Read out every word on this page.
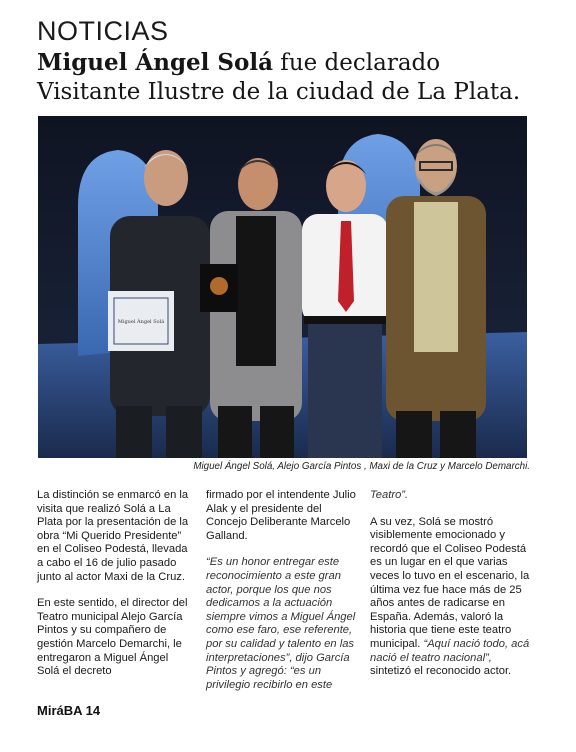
NOTICIAS
Miguel Ángel Solá fue declarado Visitante Ilustre de la ciudad de La Plata.
Miguel Ángel Solá
Miguel Ángel Solá, Alejo García Pintos , Maxi de la Cruz y Marcelo Demarchi.

La distinción se enmarcó en la visita que realizó Solá a La Plata por la presentación de la obra “Mi Querido Presidente” en el Coliseo Podestá, llevada a cabo el 16 de julio pasado junto al actor Maxi de la Cruz.

En este sentido, el director del Teatro municipal Alejo García Pintos y su compañero de gestión Marcelo Demarchi, le entregaron a Miguel Ángel Solá el decreto

firmado por el intendente Julio Alak y el presidente del Concejo Deliberante Marcelo Galland.

“Es un honor entregar este reconocimiento a este gran actor, porque los que nos dedicamos a la actuación siempre vimos a Miguel Ángel como ese faro, ese referente, por su calidad y talento en las interpretaciones”, dijo García Pintos y agregó: “es un privilegio recibirlo en este

Teatro”.

A su vez, Solá se mostró visiblemente emocionado y recordó que el Coliseo Podestá es un lugar en el que varias veces lo tuvo en el escenario, la última vez fue hace más de 25 años antes de radicarse en España. Además, valoró la historia que tiene este teatro municipal. “Aquí nació todo, acá nació el teatro nacional”, sintetizó el reconocido actor.

MiráBA 14
